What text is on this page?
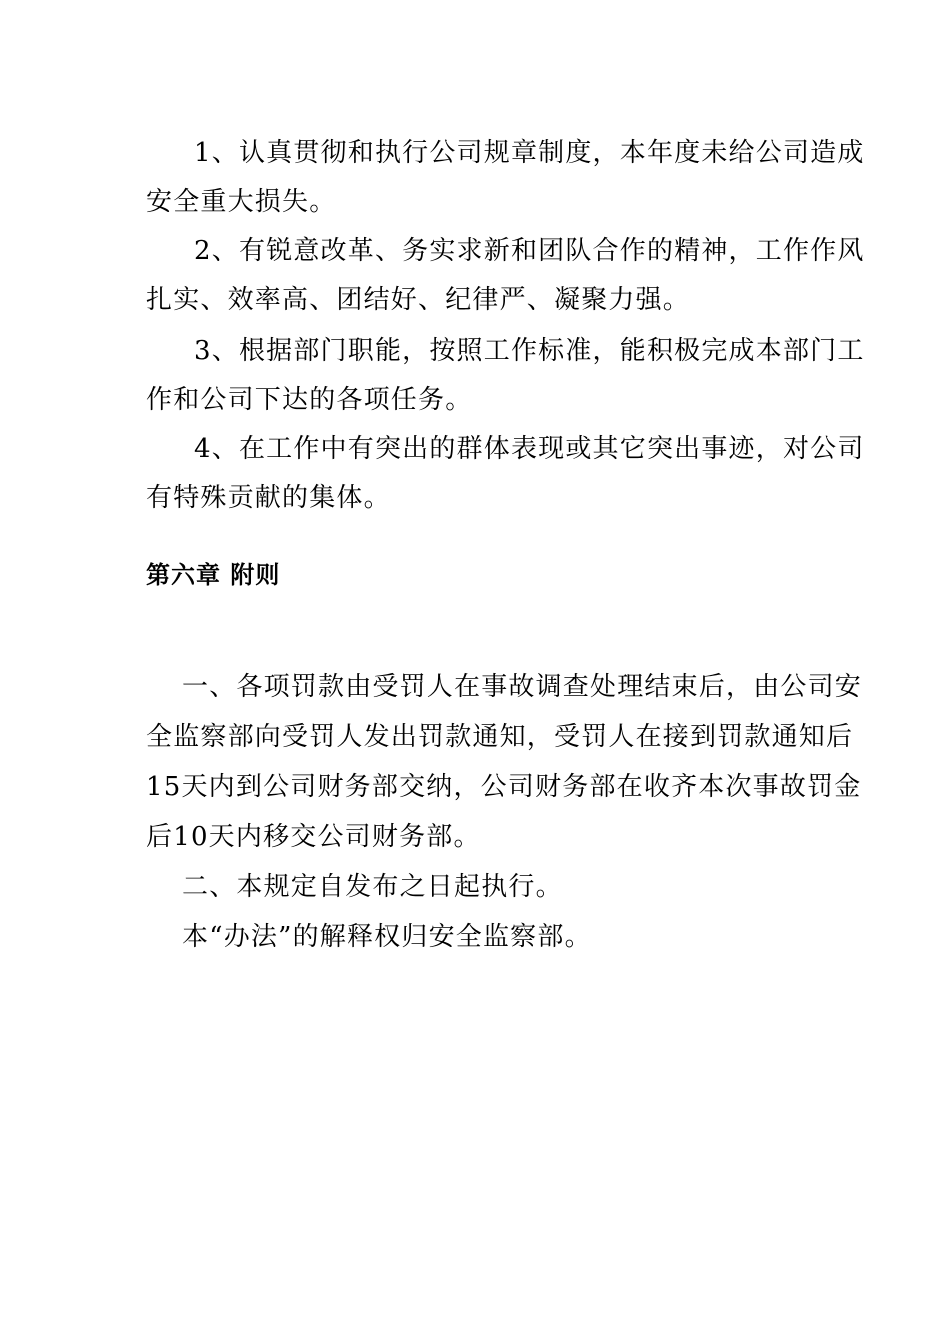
1、认真贯彻和执行公司规章制度，本年度未给公司造成
安全重大损失。
2、有锐意改革、务实求新和团队合作的精神，工作作风
扎实、效率高、团结好、纪律严、凝聚力强。
3、根据部门职能，按照工作标准，能积极完成本部门工
作和公司下达的各项任务。
4、在工作中有突出的群体表现或其它突出事迹，对公司
有特殊贡献的集体。
第六章 附则
一、各项罚款由受罚人在事故调查处理结束后，由公司安
全监察部向受罚人发出罚款通知，受罚人在接到罚款通知后
15天内到公司财务部交纳，公司财务部在收齐本次事故罚金
后10天内移交公司财务部。
二、本规定自发布之日起执行。
本“办法”的解释权归安全监察部。
